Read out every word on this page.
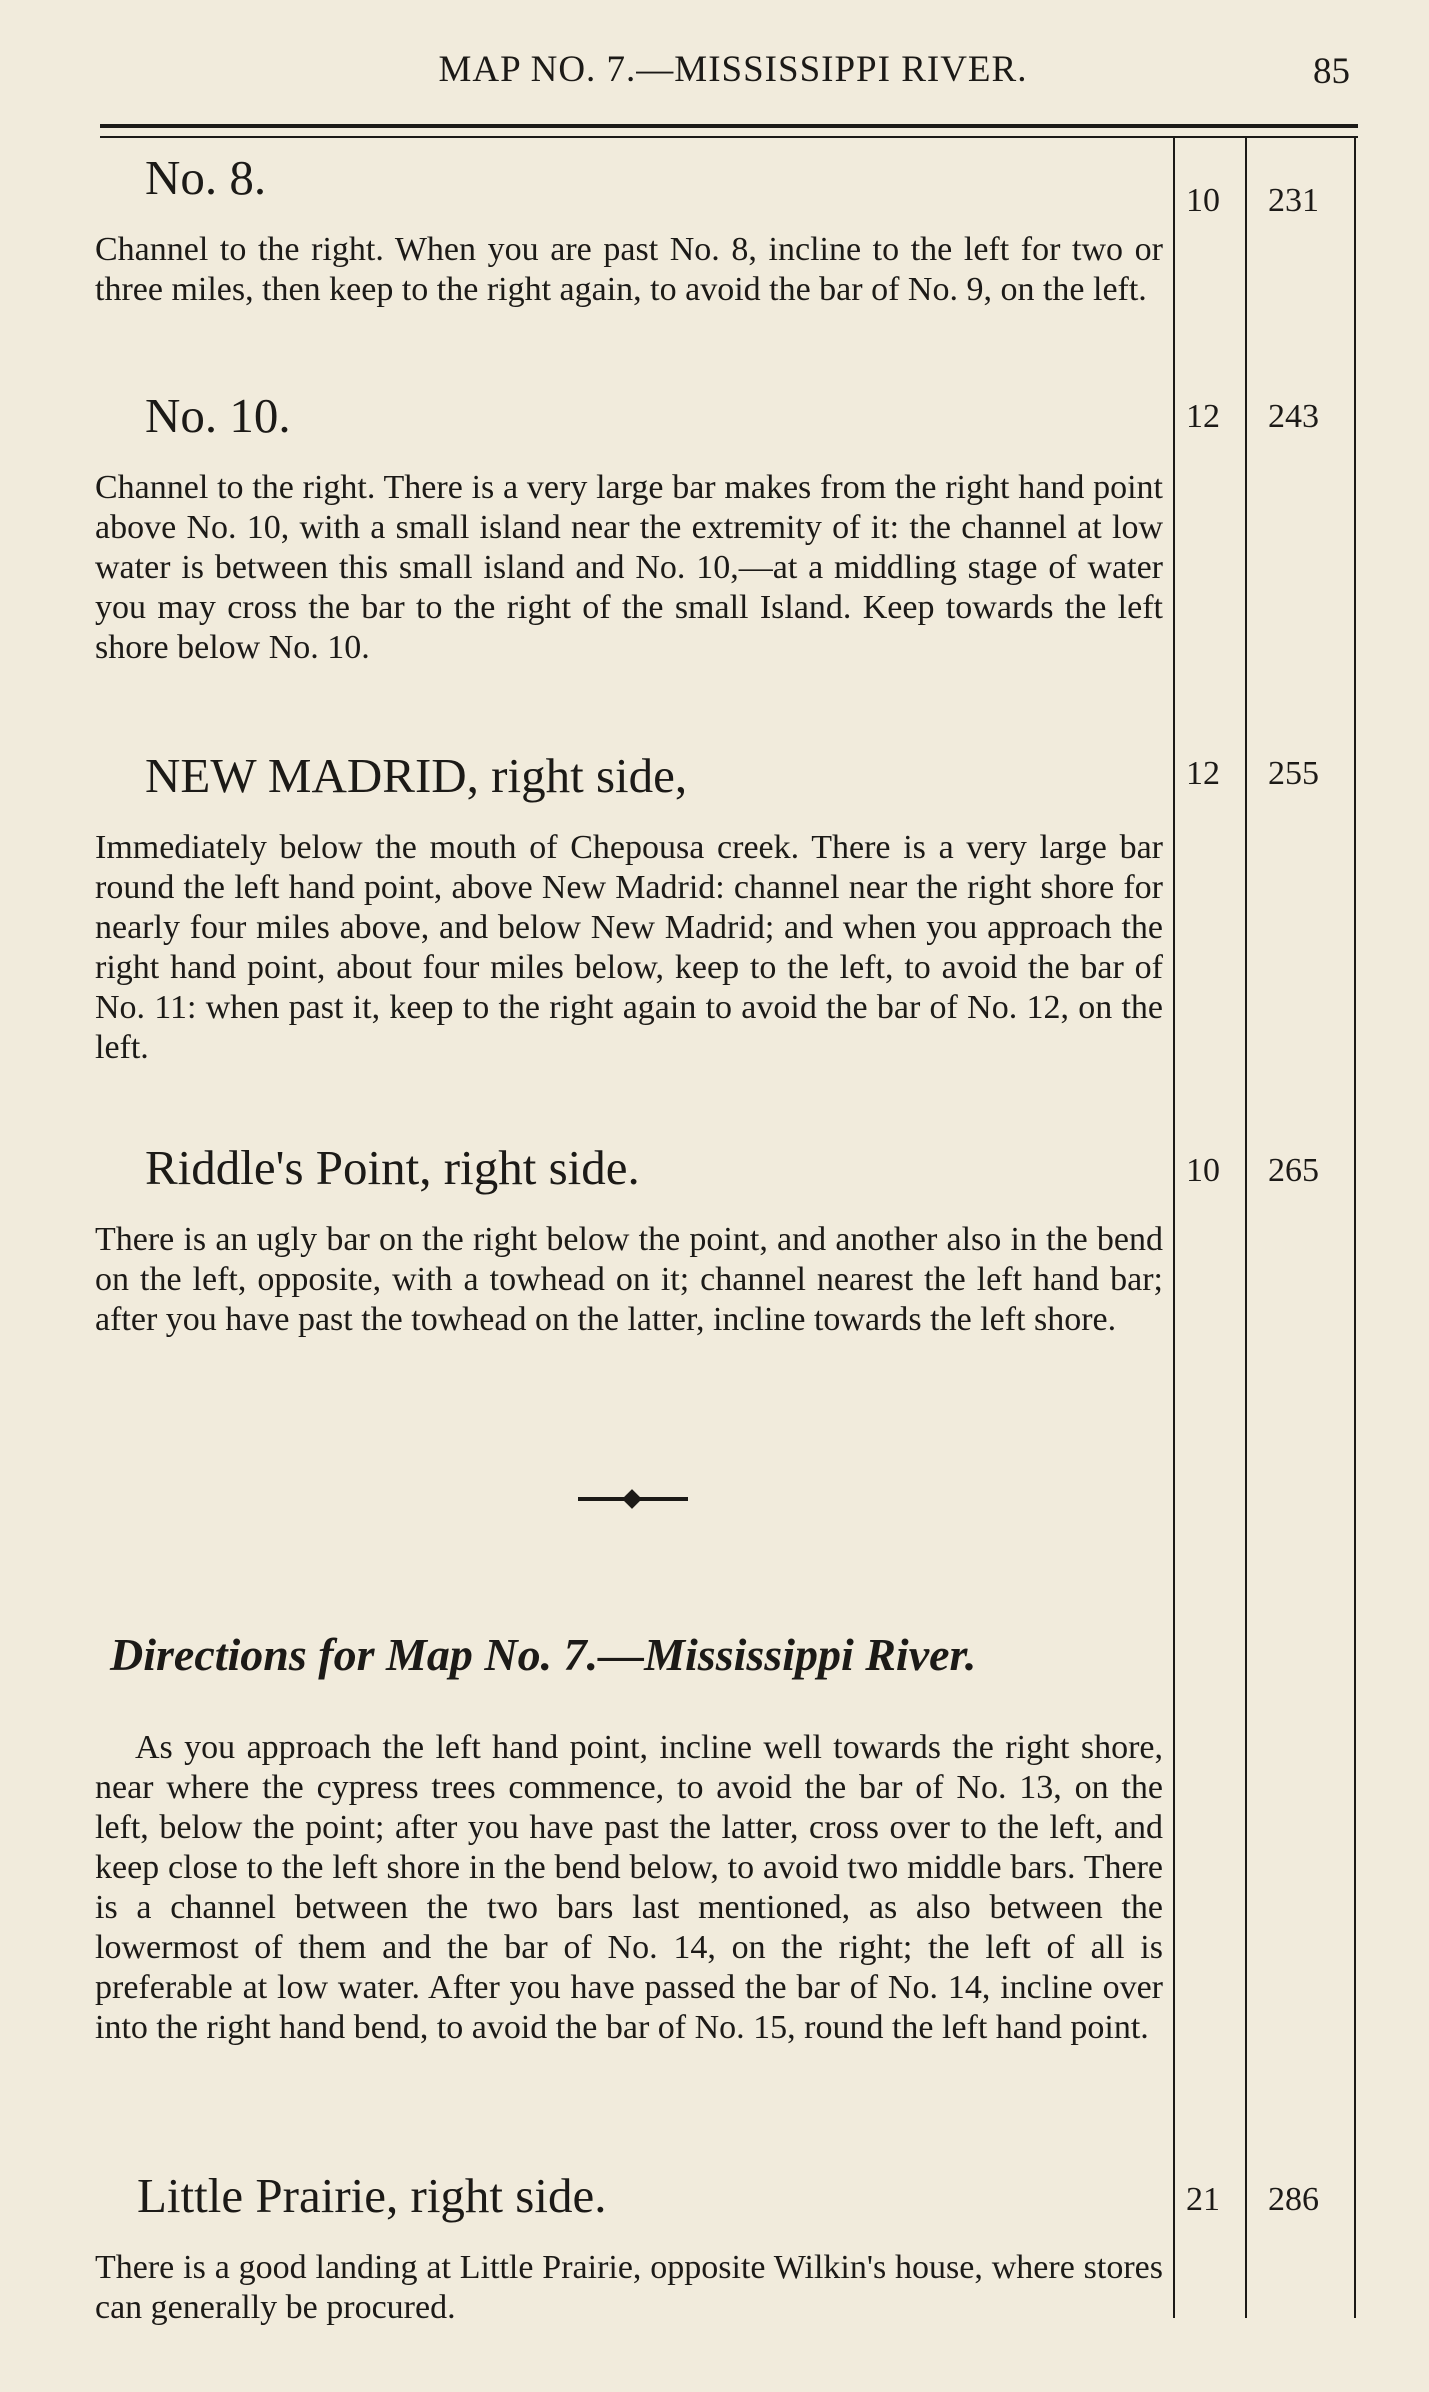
MAP NO. 7.—MISSISSIPPI RIVER.	85
No. 8.

Channel to the right. When you are past No. 8, incline to the left for two or three miles, then keep to the right again, to avoid the bar of No. 9, on the left.

10 231
No. 10.

Channel to the right. There is a very large bar makes from the right hand point above No. 10, with a small island near the extremity of it: the channel at low water is between this small island and No. 10,—at a middling stage of water you may cross the bar to the right of the small Island. Keep towards the left shore below No. 10.

12 243
NEW MADRID, right side,

Immediately below the mouth of Chepousa creek. There is a very large bar round the left hand point, above New Madrid: channel near the right shore for nearly four miles above, and below New Madrid; and when you approach the right hand point, about four miles below, keep to the left, to avoid the bar of No. 11: when past it, keep to the right again to avoid the bar of No. 12, on the left.

12 255
Riddle's Point, right side.

There is an ugly bar on the right below the point, and another also in the bend on the left, opposite, with a towhead on it; channel nearest the left hand bar; after you have past the towhead on the latter, incline towards the left shore.

10 265
Directions for Map No. 7.—Mississippi River.

As you approach the left hand point, incline well towards the right shore, near where the cypress trees commence, to avoid the bar of No. 13, on the left, below the point; after you have past the latter, cross over to the left, and keep close to the left shore in the bend below, to avoid two middle bars. There is a channel between the two bars last mentioned, as also between the lowermost of them and the bar of No. 14, on the right; the left of all is preferable at low water. After you have passed the bar of No. 14, incline over into the right hand bend, to avoid the bar of No. 15, round the left hand point.

Little Prairie, right side.

There is a good landing at Little Prairie, opposite Wilkin's house, where stores can generally be procured.

21 286
